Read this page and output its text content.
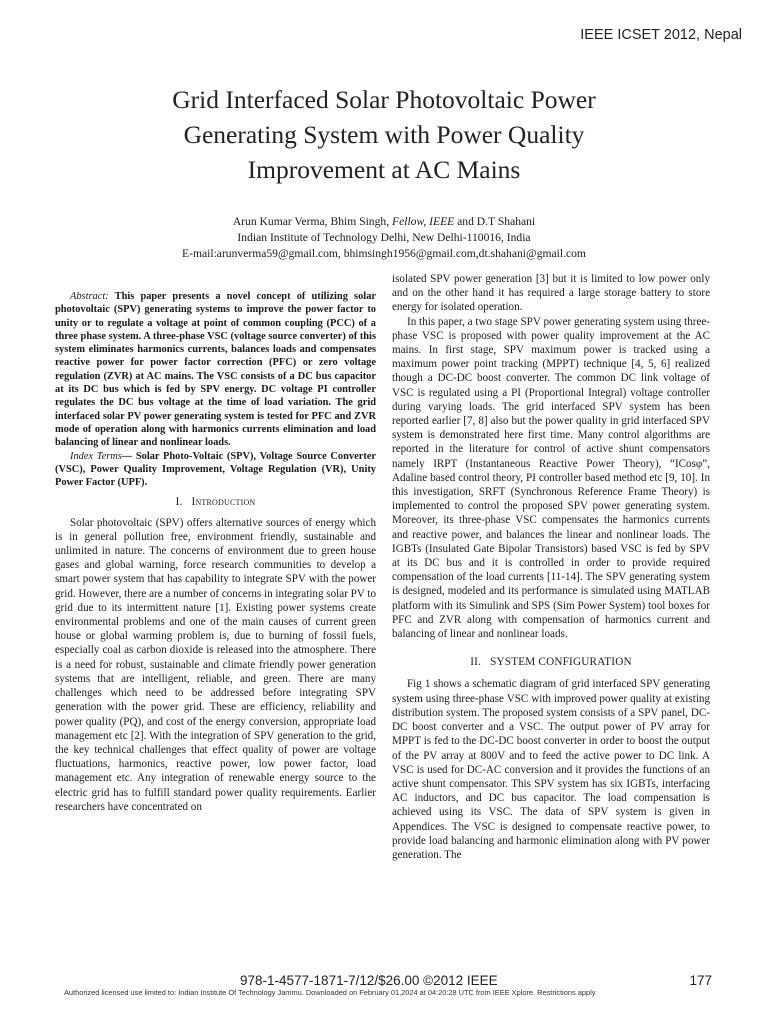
IEEE ICSET 2012, Nepal
Grid Interfaced Solar Photovoltaic Power
Generating System with Power Quality
Improvement at AC Mains
Arun Kumar Verma, Bhim Singh, Fellow, IEEE and D.T Shahani
Indian Institute of Technology Delhi, New Delhi-110016, India
E-mail:arunverma59@gmail.com, bhimsingh1956@gmail.com,dt.shahani@gmail.com

Abstract: This paper presents a novel concept of utilizing solar photovoltaic (SPV) generating systems to improve the power factor to unity or to regulate a voltage at point of common coupling (PCC) of a three phase system. A three-phase VSC (voltage source converter) of this system eliminates harmonics currents, balances loads and compensates reactive power for power factor correction (PFC) or zero voltage regulation (ZVR) at AC mains. The VSC consists of a DC bus capacitor at its DC bus which is fed by SPV energy. DC voltage PI controller regulates the DC bus voltage at the time of load variation. The grid interfaced solar PV power generating system is tested for PFC and ZVR mode of operation along with harmonics currents elimination and load balancing of linear and nonlinear loads.

Index Terms— Solar Photo-Voltaic (SPV), Voltage Source Converter (VSC), Power Quality Improvement, Voltage Regulation (VR), Unity Power Factor (UPF).

I. Introduction

Solar photovoltaic (SPV) offers alternative sources of energy which is in general pollution free, environment friendly, sustainable and unlimited in nature. The concerns of environment due to green house gases and global warning, force research communities to develop a smart power system that has capability to integrate SPV with the power grid. However, there are a number of concerns in integrating solar PV to grid due to its intermittent nature [1]. Existing power systems create environmental problems and one of the main causes of current green house or global warming problem is, due to burning of fossil fuels, especially coal as carbon dioxide is released into the atmosphere. There is a need for robust, sustainable and climate friendly power generation systems that are intelligent, reliable, and green. There are many challenges which need to be addressed before integrating SPV generation with the power grid. These are efficiency, reliability and power quality (PQ), and cost of the energy conversion, appropriate load management etc [2]. With the integration of SPV generation to the grid, the key technical challenges that effect quality of power are voltage fluctuations, harmonics, reactive power, low power factor, load management etc. Any integration of renewable energy source to the electric grid has to fulfill standard power quality requirements. Earlier researchers have concentrated on

isolated SPV power generation [3] but it is limited to low power only and on the other hand it has required a large storage battery to store energy for isolated operation.

In this paper, a two stage SPV power generating system using three-phase VSC is proposed with power quality improvement at the AC mains. In first stage, SPV maximum power is tracked using a maximum power point tracking (MPPT) technique [4, 5, 6] realized though a DC-DC boost converter. The common DC link voltage of VSC is regulated using a PI (Proportional Integral) voltage controller during varying loads. The grid interfaced SPV system has been reported earlier [7, 8] also but the power quality in grid interfaced SPV system is demonstrated here first time. Many control algorithms are reported in the literature for control of active shunt compensators namely IRPT (Instantaneous Reactive Power Theory), “ICosφ”, Adaline based control theory, PI controller based method etc [9, 10]. In this investigation, SRFT (Synchronous Reference Frame Theory) is implemented to control the proposed SPV power generating system. Moreover, its three-phase VSC compensates the harmonics currents and reactive power, and balances the linear and nonlinear loads. The IGBTs (Insulated Gate Bipolar Transistors) based VSC is fed by SPV at its DC bus and it is controlled in order to provide required compensation of the load currents [11-14]. The SPV generating system is designed, modeled and its performance is simulated using MATLAB platform with its Simulink and SPS (Sim Power System) tool boxes for PFC and ZVR along with compensation of harmonics current and balancing of linear and nonlinear loads.

II. SYSTEM CONFIGURATION

Fig 1 shows a schematic diagram of grid interfaced SPV generating system using three-phase VSC with improved power quality at existing distribution system. The proposed system consists of a SPV panel, DC-DC boost converter and a VSC. The output power of PV array for MPPT is fed to the DC-DC boost converter in order to boost the output of the PV array at 800V and to feed the active power to DC link. A VSC is used for DC-AC conversion and it provides the functions of an active shunt compensator. This SPV system has six IGBTs, interfacing AC inductors, and DC bus capacitor. The load compensation is achieved using its VSC. The data of SPV system is given in Appendices. The VSC is designed to compensate reactive power, to provide load balancing and harmonic elimination along with PV power generation. The

978-1-4577-1871-7/12/$26.00 ©2012 IEEE	177
Authorized licensed use limited to: Indian Institute Of Technology Jammu. Downloaded on February 01,2024 at 04:20:28 UTC from IEEE Xplore. Restrictions apply.
